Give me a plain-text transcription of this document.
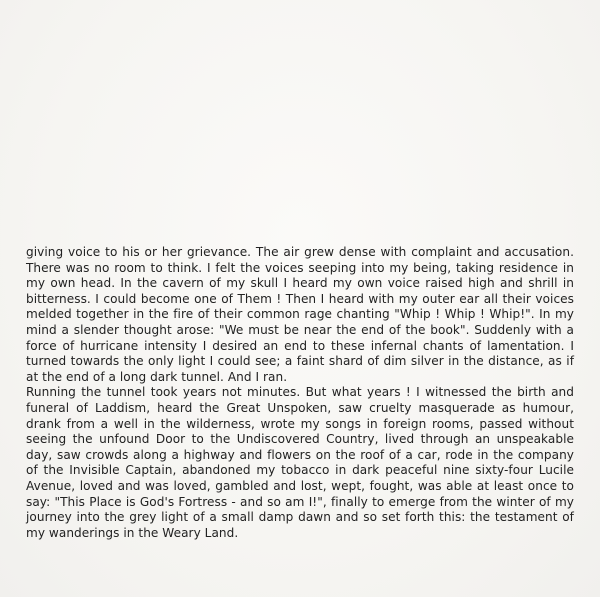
giving voice to his or her grievance. The air grew dense with complaint and accusation. There was no room to think. I felt the voices seeping into my being, taking residence in my own head. In the cavern of my skull I heard my own voice raised high and shrill in bitterness. I could become one of Them ! Then I heard with my outer ear all their voices melded together in the fire of their common rage chanting "Whip ! Whip ! Whip!". In my mind a slender thought arose: "We must be near the end of the book". Suddenly with a force of hurricane intensity I desired an end to these infernal chants of lamentation. I turned towards the only light I could see; a faint shard of dim silver in the distance, as if at the end of a long dark tunnel. And I ran.

Running the tunnel took years not minutes. But what years ! I witnessed the birth and funeral of Laddism, heard the Great Unspoken, saw cruelty masquerade as humour, drank from a well in the wilderness, wrote my songs in foreign rooms, passed without seeing the unfound Door to the Undiscovered Country, lived through an unspeakable day, saw crowds along a highway and flowers on the roof of a car, rode in the company of the Invisible Captain, abandoned my tobacco in dark peaceful nine sixty-four Lucile Avenue, loved and was loved, gambled and lost, wept, fought, was able at least once to say: "This Place is God's Fortress - and so am I!", finally to emerge from the winter of my journey into the grey light of a small damp dawn and so set forth this: the testament of my wanderings in the Weary Land.
